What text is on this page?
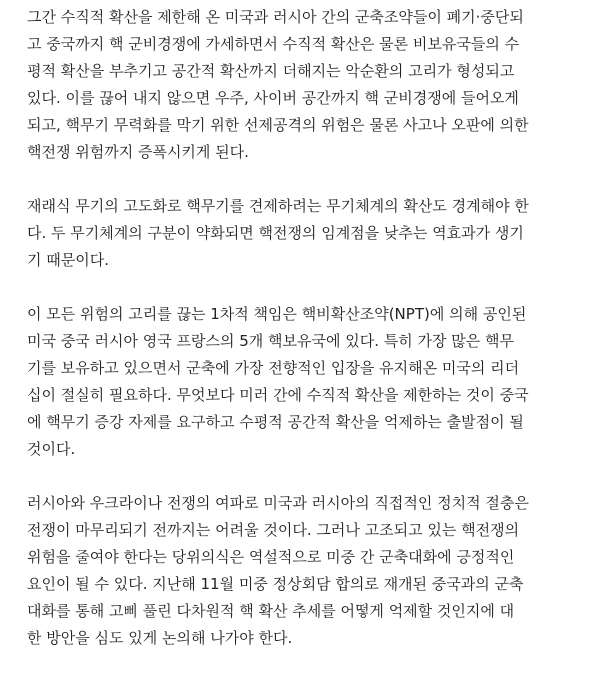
그간 수직적 확산을 제한해 온 미국과 러시아 간의 군축조약들이 폐기·중단되
고 중국까지 핵 군비경쟁에 가세하면서 수직적 확산은 물론 비보유국들의 수
평적 확산을 부추기고 공간적 확산까지 더해지는 악순환의 고리가 형성되고
있다. 이를 끊어 내지 않으면 우주, 사이버 공간까지 핵 군비경쟁에 들어오게
되고, 핵무기 무력화를 막기 위한 선제공격의 위험은 물론 사고나 오판에 의한
핵전쟁 위험까지 증폭시키게 된다.
재래식 무기의 고도화로 핵무기를 견제하려는 무기체계의 확산도 경계해야 한
다. 두 무기체계의 구분이 약화되면 핵전쟁의 임계점을 낮추는 역효과가 생기
기 때문이다.
이 모든 위험의 고리를 끊는 1차적 책임은 핵비확산조약(NPT)에 의해 공인된
미국 중국 러시아 영국 프랑스의 5개 핵보유국에 있다. 특히 가장 많은 핵무
기를 보유하고 있으면서 군축에 가장 전향적인 입장을 유지해온 미국의 리더
십이 절실히 필요하다. 무엇보다 미러 간에 수직적 확산을 제한하는 것이 중국
에 핵무기 증강 자제를 요구하고 수평적 공간적 확산을 억제하는 출발점이 될
것이다.
러시아와 우크라이나 전쟁의 여파로 미국과 러시아의 직접적인 정치적 절충은
전쟁이 마무리되기 전까지는 어려울 것이다. 그러나 고조되고 있는 핵전쟁의
위험을 줄여야 한다는 당위의식은 역설적으로 미중 간 군축대화에 긍정적인
요인이 될 수 있다. 지난해 11월 미중 정상회담 합의로 재개된 중국과의 군축
대화를 통해 고삐 풀린 다차원적 핵 확산 추세를 어떻게 억제할 것인지에 대
한 방안을 심도 있게 논의해 나가야 한다.
